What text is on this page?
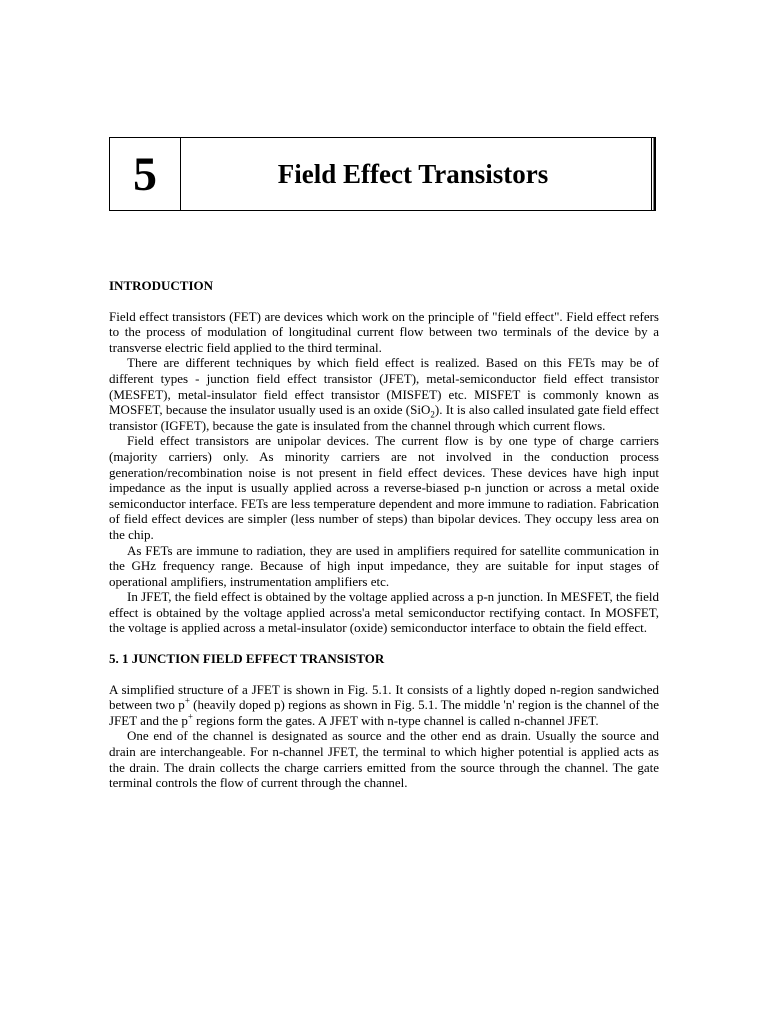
5	Field Effect Transistors
INTRODUCTION

Field effect transistors (FET) are devices which work on the principle of "field effect". Field effect refers to the process of modulation of longitudinal current flow between two terminals of the device by a transverse electric field applied to the third terminal.

There are different techniques by which field effect is realized. Based on this FETs may be of different types - junction field effect transistor (JFET), metal-semiconductor field effect transistor (MESFET), metal-insulator field effect transistor (MISFET) etc. MISFET is commonly known as MOSFET, because the insulator usually used is an oxide (SiO$_2$). It is also called insulated gate field effect transistor (IGFET), because the gate is insulated from the channel through which current flows.

Field effect transistors are unipolar devices. The current flow is by one type of charge carriers (majority carriers) only. As minority carriers are not involved in the conduction process generation/recombination noise is not present in field effect devices. These devices have high input impedance as the input is usually applied across a reverse-biased p-n junction or across a metal oxide semiconductor interface. FETs are less temperature dependent and more immune to radiation. Fabrication of field effect devices are simpler (less number of steps) than bipolar devices. They occupy less area on the chip.

As FETs are immune to radiation, they are used in amplifiers required for satellite communication in the GHz frequency range. Because of high input impedance, they are suitable for input stages of operational amplifiers, instrumentation amplifiers etc.

In JFET, the field effect is obtained by the voltage applied across a p-n junction. In MESFET, the field effect is obtained by the voltage applied across'a metal semiconductor rectifying contact. In MOSFET, the voltage is applied across a metal-insulator (oxide) semiconductor interface to obtain the field effect.

5. 1 JUNCTION FIELD EFFECT TRANSISTOR

A simplified structure of a JFET is shown in Fig. 5.1. It consists of a lightly doped n-region sandwiched between two p+ (heavily doped p) regions as shown in Fig. 5.1. The middle 'n' region is the channel of the JFET and the p+ regions form the gates. A JFET with n-type channel is called n-channel JFET.

One end of the channel is designated as source and the other end as drain. Usually the source and drain are interchangeable. For n-channel JFET, the terminal to which higher potential is applied acts as the drain. The drain collects the charge carriers emitted from the source through the channel. The gate terminal controls the flow of current through the channel.
